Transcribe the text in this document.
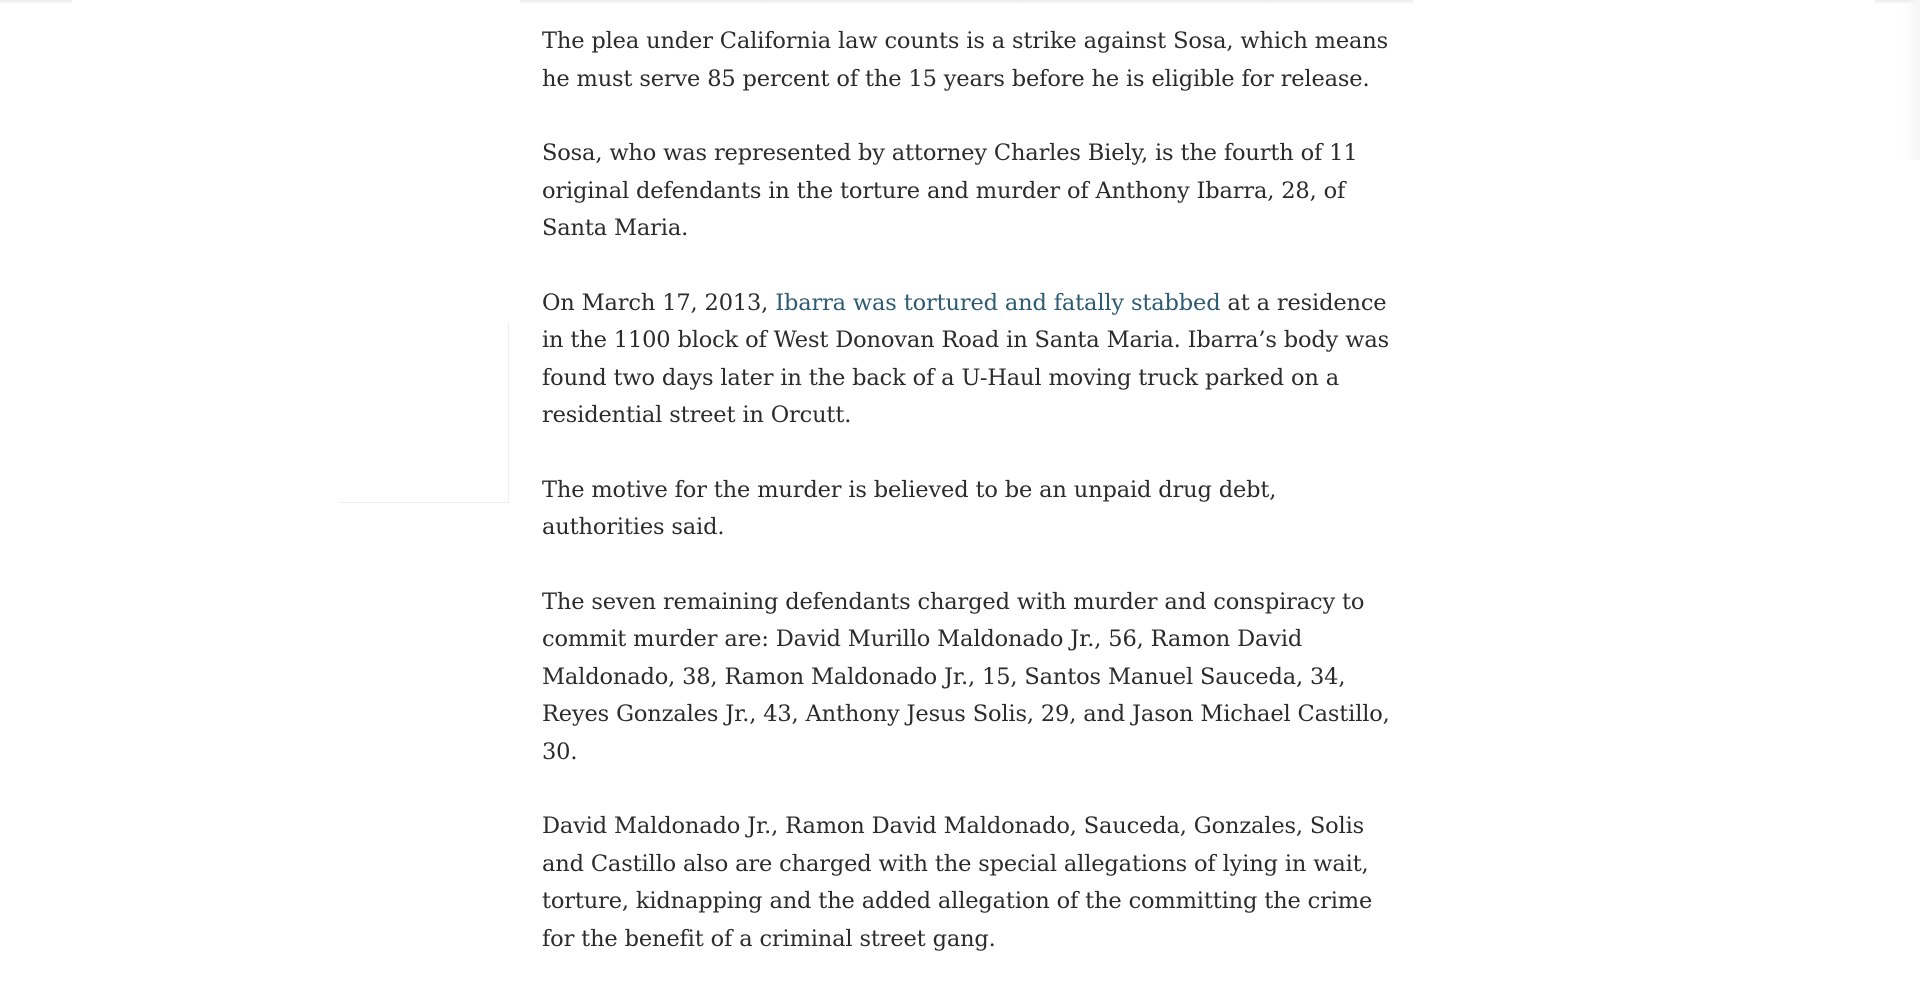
The plea under California law counts is a strike against Sosa, which means he must serve 85 percent of the 15 years before he is eligible for release.

Sosa, who was represented by attorney Charles Biely, is the fourth of 11 original defendants in the torture and murder of Anthony Ibarra, 28, of Santa Maria.

On March 17, 2013, Ibarra was tortured and fatally stabbed at a residence in the 1100 block of West Donovan Road in Santa Maria. Ibarra’s body was found two days later in the back of a U-Haul moving truck parked on a residential street in Orcutt.

The motive for the murder is believed to be an unpaid drug debt, authorities said.

The seven remaining defendants charged with murder and conspiracy to commit murder are: David Murillo Maldonado Jr., 56, Ramon David Maldonado, 38, Ramon Maldonado Jr., 15, Santos Manuel Sauceda, 34, Reyes Gonzales Jr., 43, Anthony Jesus Solis, 29, and Jason Michael Castillo, 30.

David Maldonado Jr., Ramon David Maldonado, Sauceda, Gonzales, Solis and Castillo also are charged with the special allegations of lying in wait, torture, kidnapping and the added allegation of the committing the crime for the benefit of a criminal street gang.
